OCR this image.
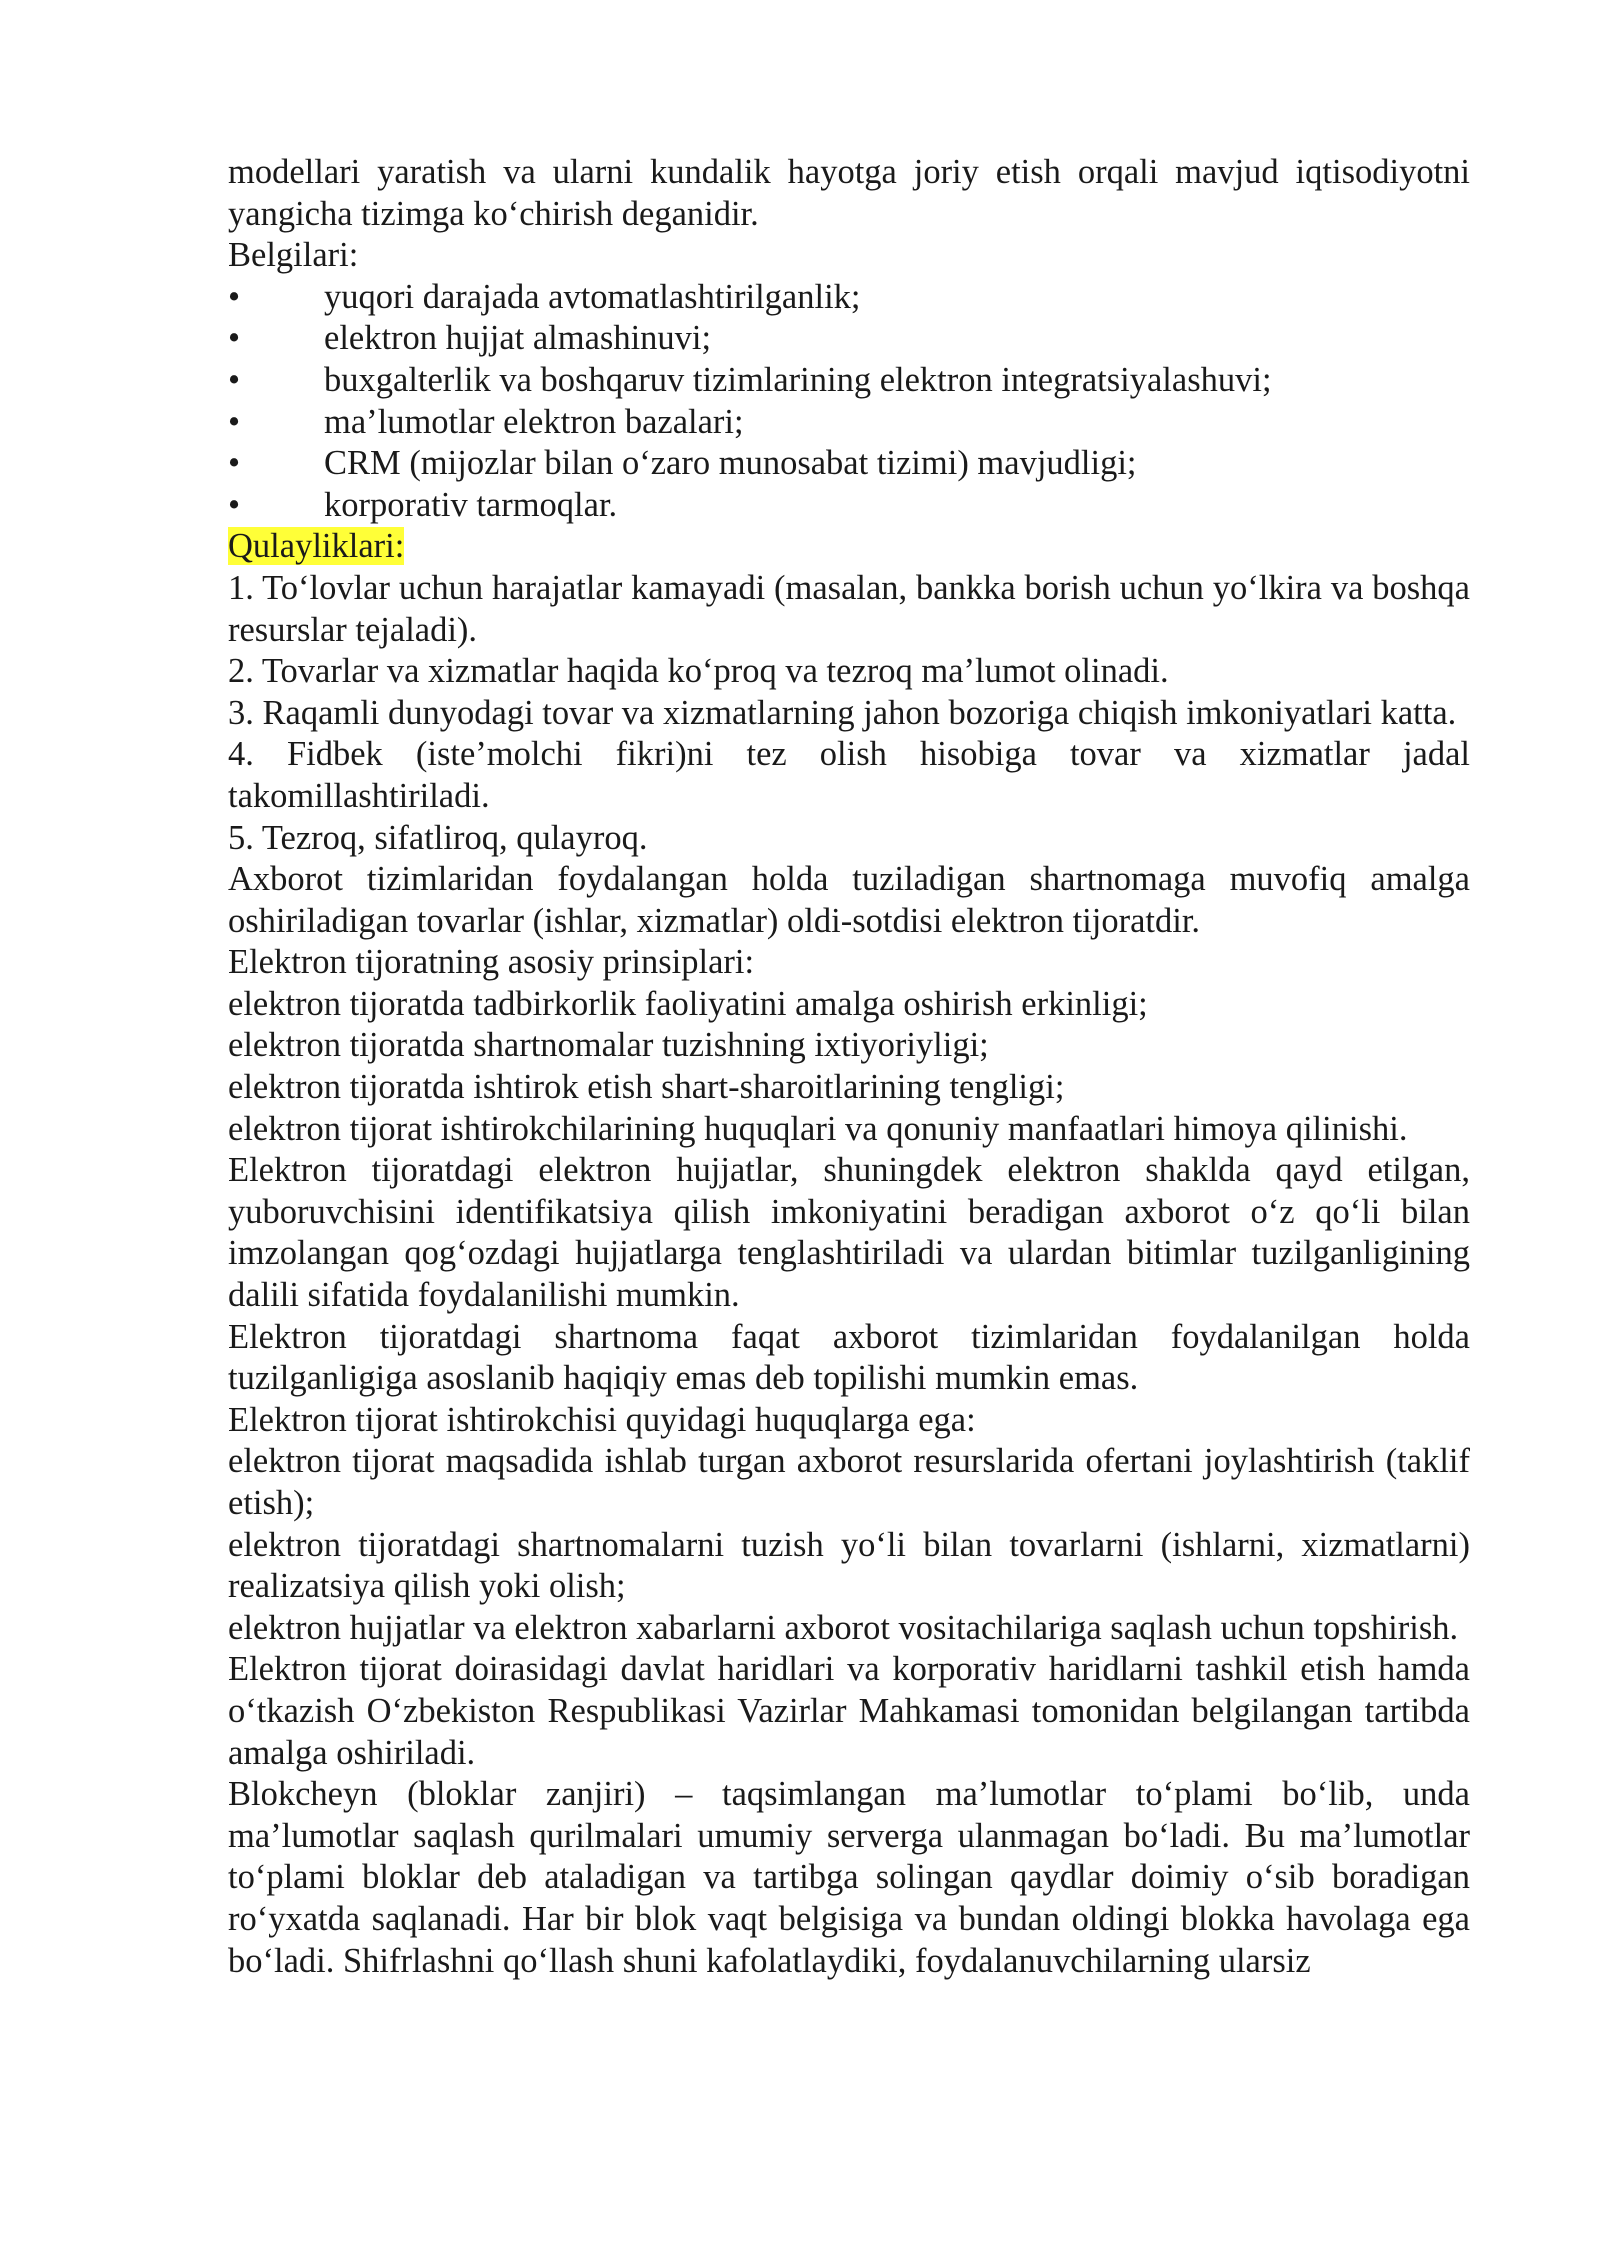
modellari yaratish va ularni kundalik hayotga joriy etish orqali mavjud iqtisodiyotni yangicha tizimga ko‘chirish deganidir.

Belgilari:

• yuqori darajada avtomatlashtirilganlik;
• elektron hujjat almashinuvi;
• buxgalterlik va boshqaruv tizimlarining elektron integratsiyalashuvi;
• ma’lumotlar elektron bazalari;
• CRM (mijozlar bilan o‘zaro munosabat tizimi) mavjudligi;
• korporativ tarmoqlar.

Qulayliklari:

1. To‘lovlar uchun harajatlar kamayadi (masalan, bankka borish uchun yo‘lkira va boshqa resurslar tejaladi).

2. Tovarlar va xizmatlar haqida ko‘proq va tezroq ma’lumot olinadi.

3. Raqamli dunyodagi tovar va xizmatlarning jahon bozoriga chiqish imkoniyatlari katta.

4. Fidbek (iste’molchi fikri)ni tez olish hisobiga tovar va xizmatlar jadal takomillashtiriladi.

5. Tezroq, sifatliroq, qulayroq.

Axborot tizimlaridan foydalangan holda tuziladigan shartnomaga muvofiq amalga oshiriladigan tovarlar (ishlar, xizmatlar) oldi-sotdisi elektron tijoratdir.

Elektron tijoratning asosiy prinsiplari:

elektron tijoratda tadbirkorlik faoliyatini amalga oshirish erkinligi;

elektron tijoratda shartnomalar tuzishning ixtiyoriyligi;

elektron tijoratda ishtirok etish shart-sharoitlarining tengligi;

elektron tijorat ishtirokchilarining huquqlari va qonuniy manfaatlari himoya qilinishi.

Elektron tijoratdagi elektron hujjatlar, shuningdek elektron shaklda qayd etilgan, yuboruvchisini identifikatsiya qilish imkoniyatini beradigan axborot o‘z qo‘li bilan imzolangan qog‘ozdagi hujjatlarga tenglashtiriladi va ulardan bitimlar tuzilganligining dalili sifatida foydalanilishi mumkin.

Elektron tijoratdagi shartnoma faqat axborot tizimlaridan foydalanilgan holda tuzilganligiga asoslanib haqiqiy emas deb topilishi mumkin emas.

Elektron tijorat ishtirokchisi quyidagi huquqlarga ega:

elektron tijorat maqsadida ishlab turgan axborot resurslarida ofertani joylashtirish (taklif etish);

elektron tijoratdagi shartnomalarni tuzish yo‘li bilan tovarlarni (ishlarni, xizmatlarni) realizatsiya qilish yoki olish;

elektron hujjatlar va elektron xabarlarni axborot vositachilariga saqlash uchun topshirish.

Elektron tijorat doirasidagi davlat haridlari va korporativ haridlarni tashkil etish hamda o‘tkazish O‘zbekiston Respublikasi Vazirlar Mahkamasi tomonidan belgilangan tartibda amalga oshiriladi.

Blokcheyn (bloklar zanjiri) – taqsimlangan ma’lumotlar to‘plami bo‘lib, unda ma’lumotlar saqlash qurilmalari umumiy serverga ulanmagan bo‘ladi. Bu ma’lumotlar to‘plami bloklar deb ataladigan va tartibga solingan qaydlar doimiy o‘sib boradigan ro‘yxatda saqlanadi. Har bir blok vaqt belgisiga va bundan oldingi blokka havolaga ega bo‘ladi. Shifrlashni qo‘llash shuni kafolatlaydiki, foydalanuvchilarning ularsiz
